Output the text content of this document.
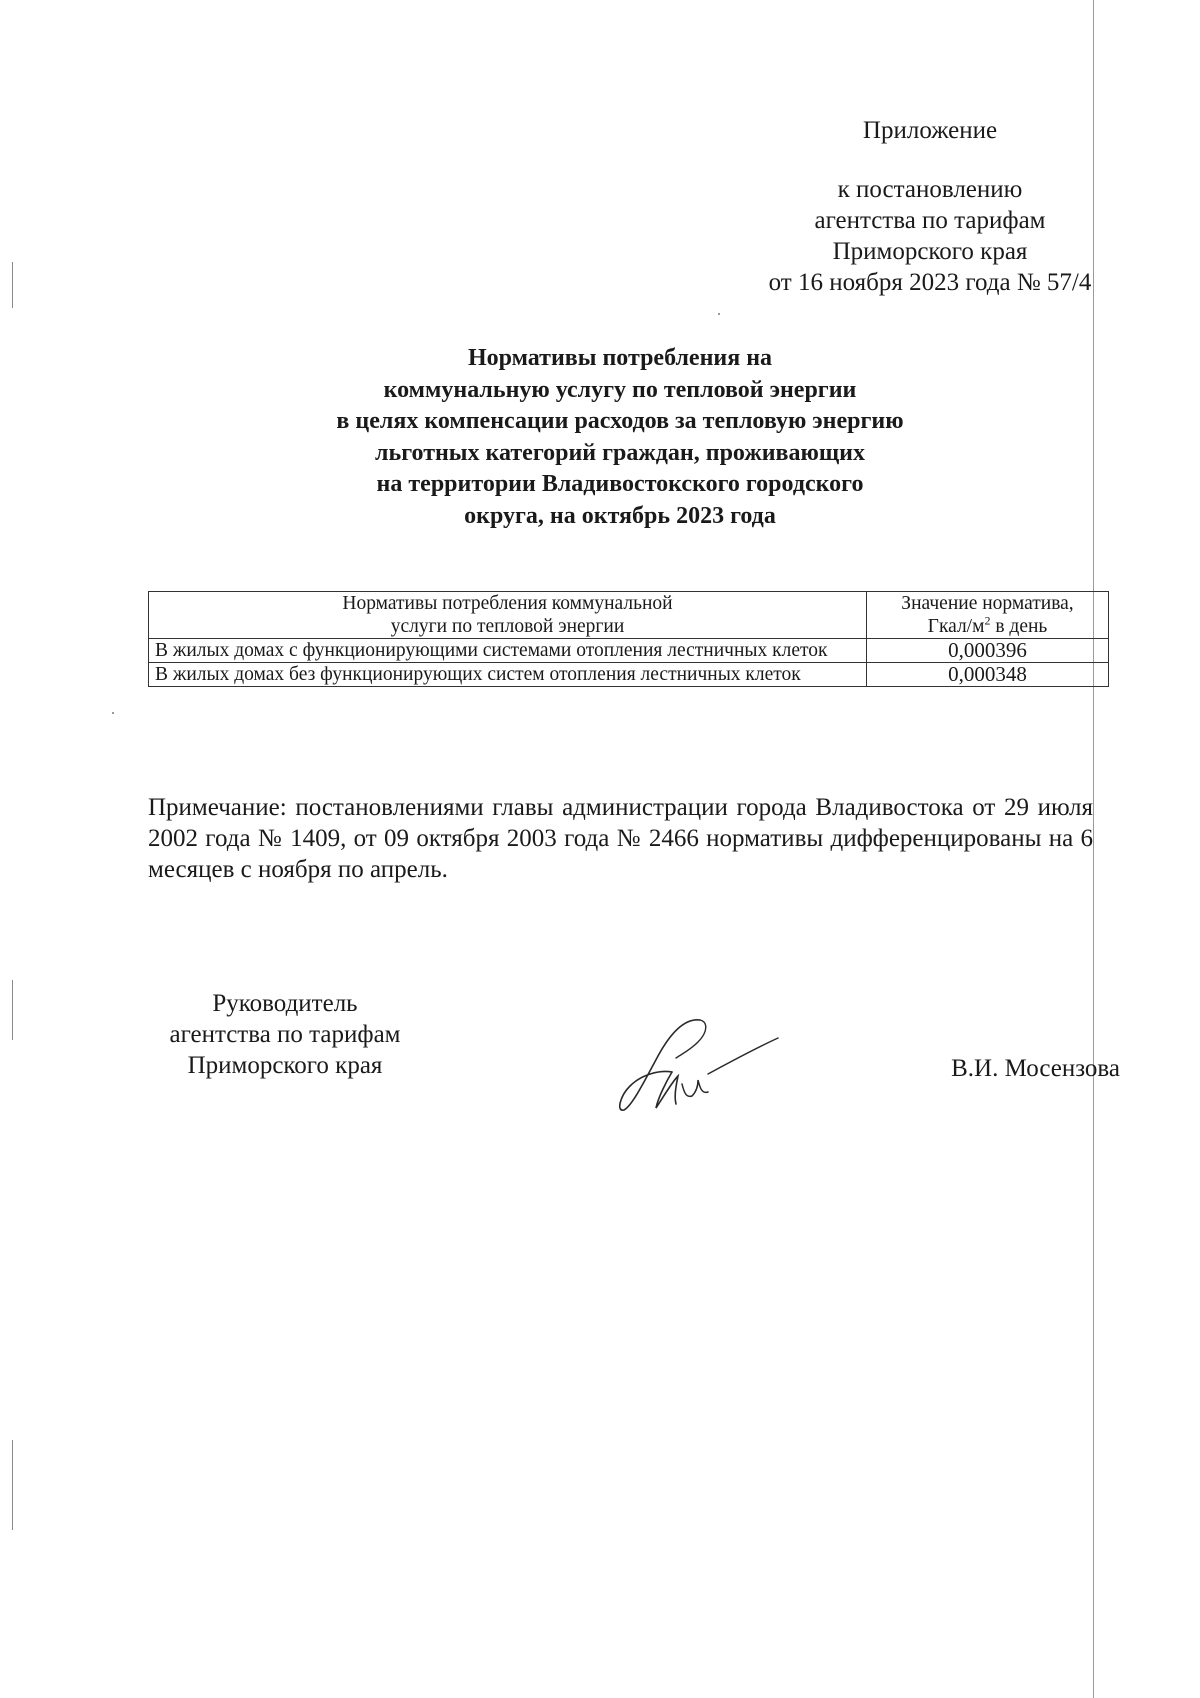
Приложение
к постановлению
агентства по тарифам
Приморского края
от 16 ноября 2023 года № 57/4
Нормативы потребления на
коммунальную услугу по тепловой энергии
в целях компенсации расходов за тепловую энергию
льготных категорий граждан, проживающих
на территории Владивостокского городского
округа, на октябрь 2023 года
Нормативы потребления коммунальной
услуги по тепловой энергии	Значение норматива,
Гкал/$м^2$ в день
В жилых домах с функционирующими системами отопления лестничных клеток	0,000396
В жилых домах без функционирующих систем отопления лестничных клеток	0,000348
Примечание: постановлениями главы администрации города Владивостока от 29 июля 2002 года № 1409, от 09 октября 2003 года № 2466 нормативы дифференцированы на 6 месяцев с ноября по апрель.
Руководитель
агентства по тарифам
Приморского края	В.И. Мосензова
